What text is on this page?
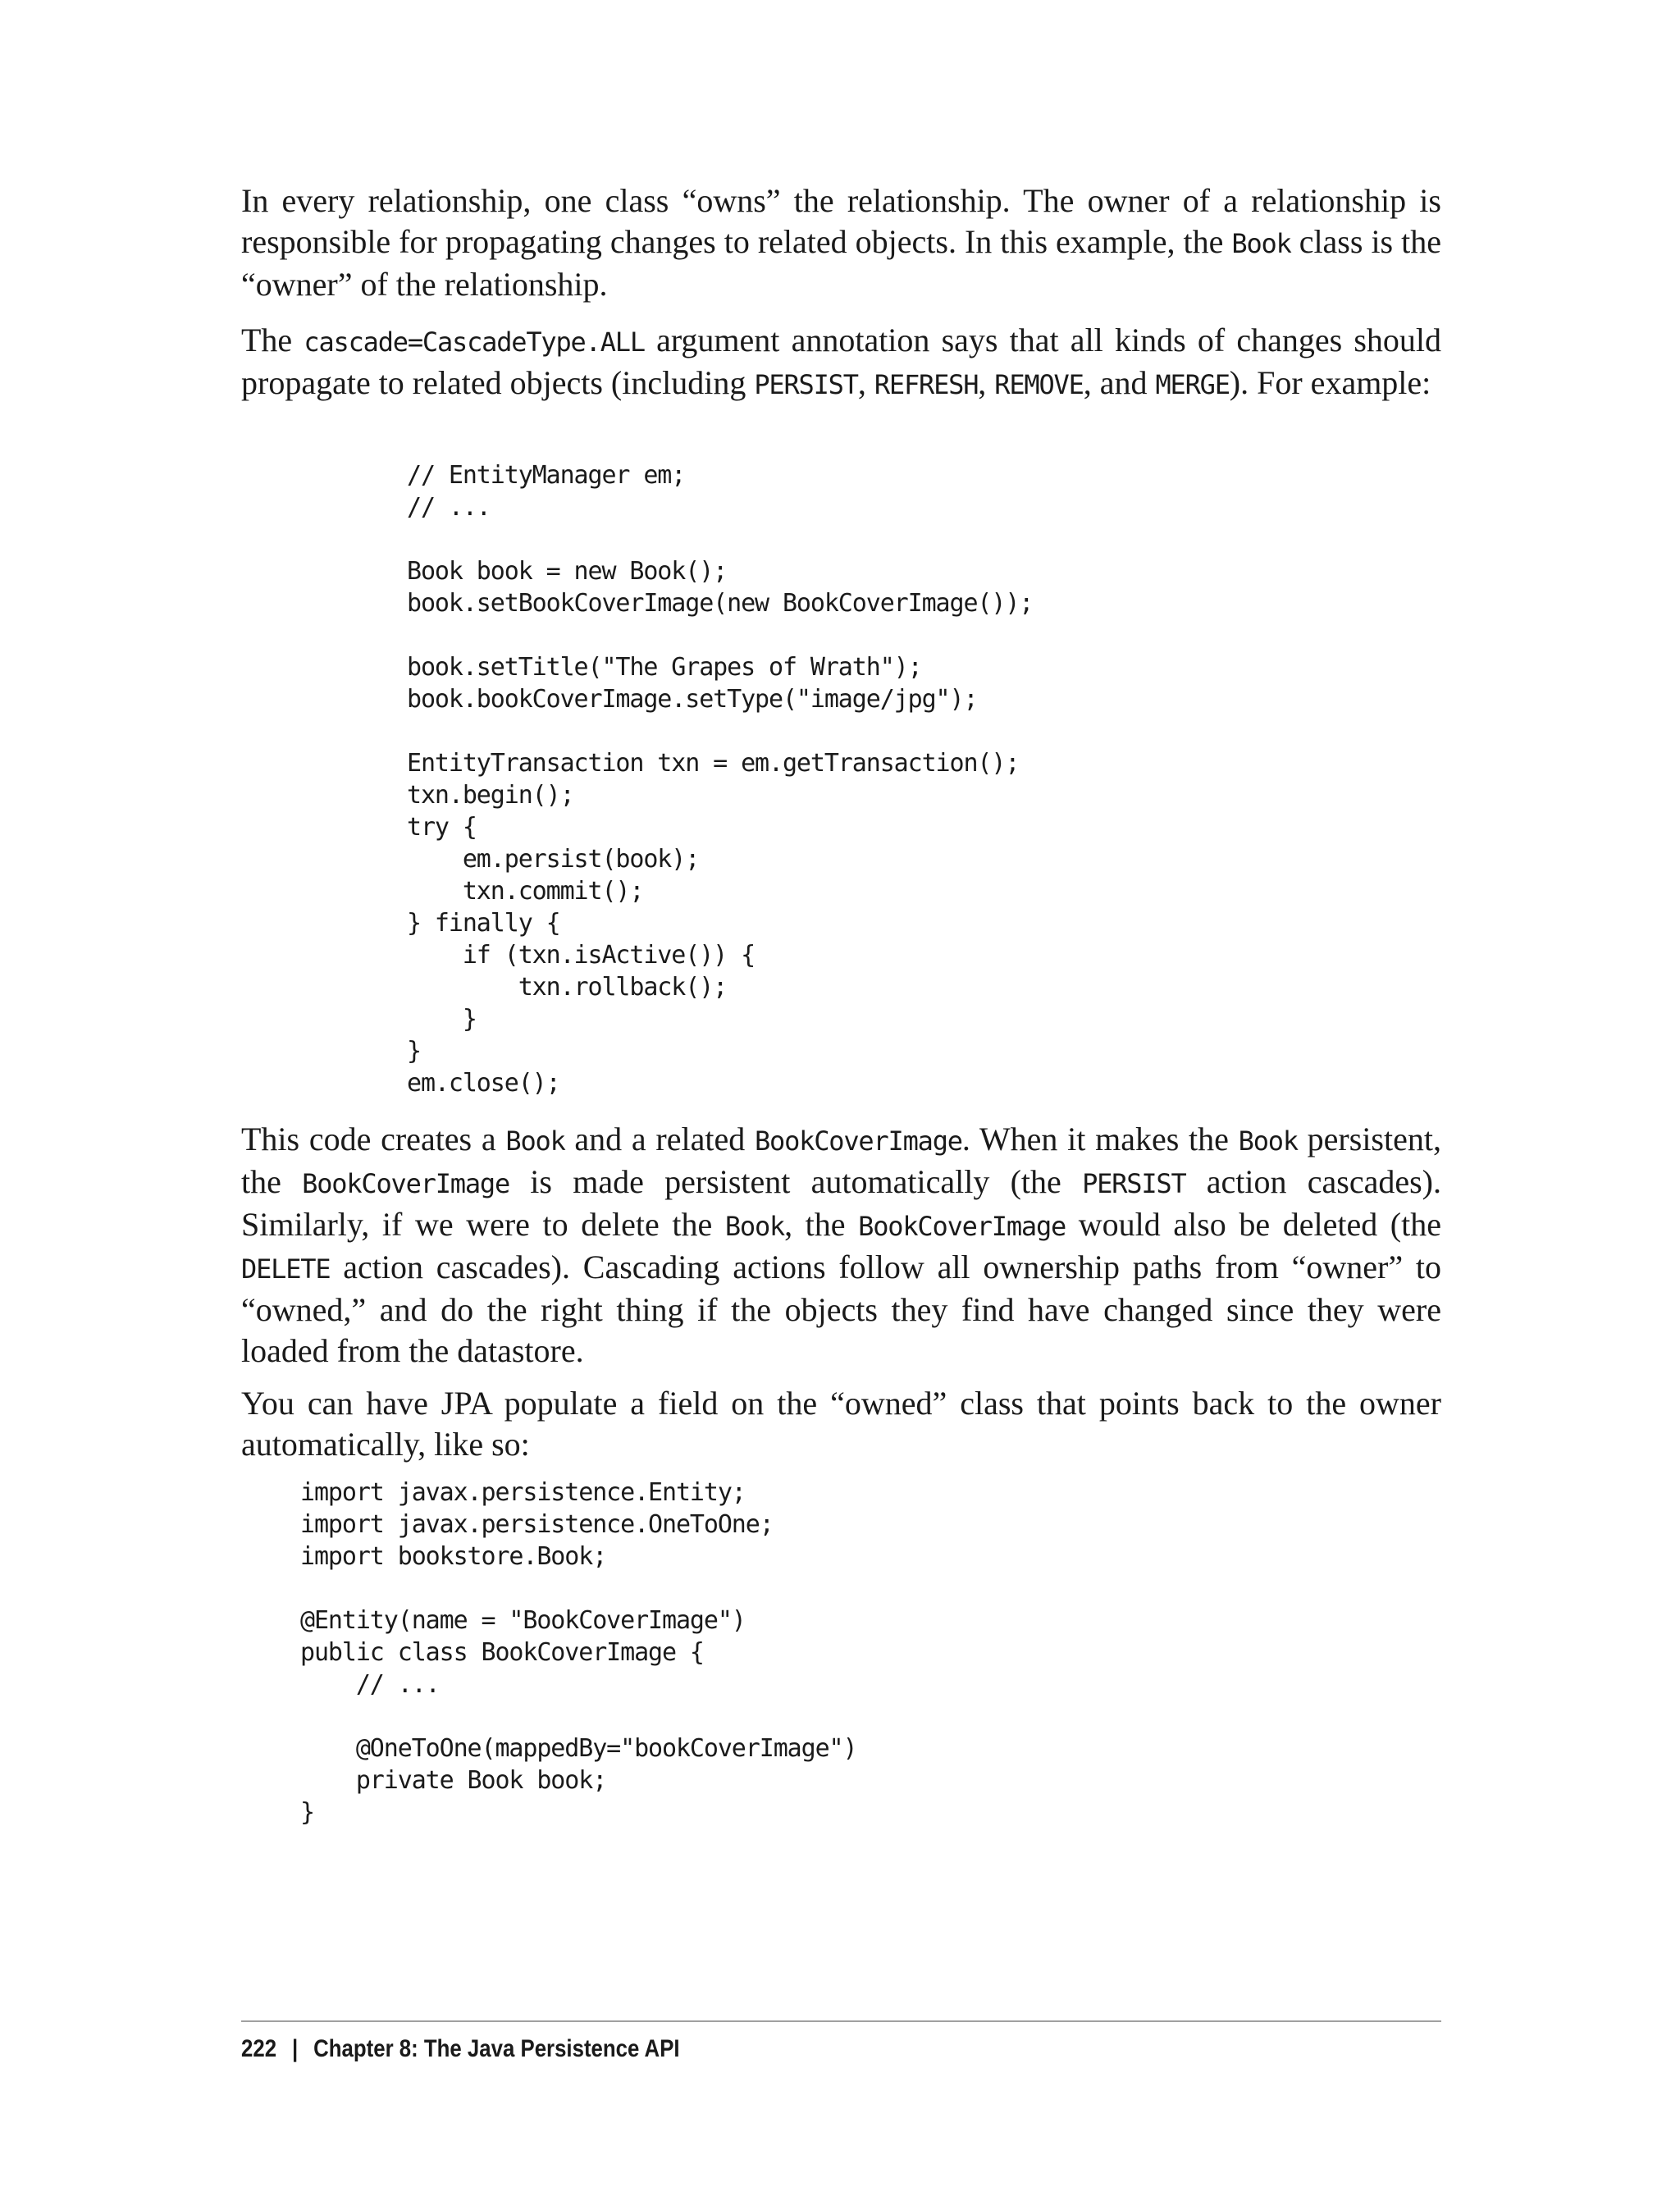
In every relationship, one class “owns” the relationship. The owner of a relationship is responsible for propagating changes to related objects. In this example, the Book class is the “owner” of the relationship.

The cascade=CascadeType.ALL argument annotation says that all kinds of changes should propagate to related objects (including PERSIST, REFRESH, REMOVE, and MERGE). For example:

// EntityManager em;
// ...

Book book = new Book();
book.setBookCoverImage(new BookCoverImage());

book.setTitle("The Grapes of Wrath");
book.bookCoverImage.setType("image/jpg");

EntityTransaction txn = em.getTransaction();
txn.begin();
try {
em.persist(book);
txn.commit();
} finally {
if (txn.isActive()) {
txn.rollback();
}
}
em.close();

This code creates a Book and a related BookCoverImage. When it makes the Book persistent, the BookCoverImage is made persistent automatically (the PERSIST action cascades). Similarly, if we were to delete the Book, the BookCoverImage would also be deleted (the DELETE action cascades). Cascading actions follow all ownership paths from “owner” to “owned,” and do the right thing if the objects they find have changed since they were loaded from the datastore.

You can have JPA populate a field on the “owned” class that points back to the owner automatically, like so:

import javax.persistence.Entity;
import javax.persistence.OneToOne;
import bookstore.Book;

@Entity(name = "BookCoverImage")
public class BookCoverImage {
// ...

@OneToOne(mappedBy="bookCoverImage")
private Book book;
}
222 | Chapter 8: The Java Persistence API
